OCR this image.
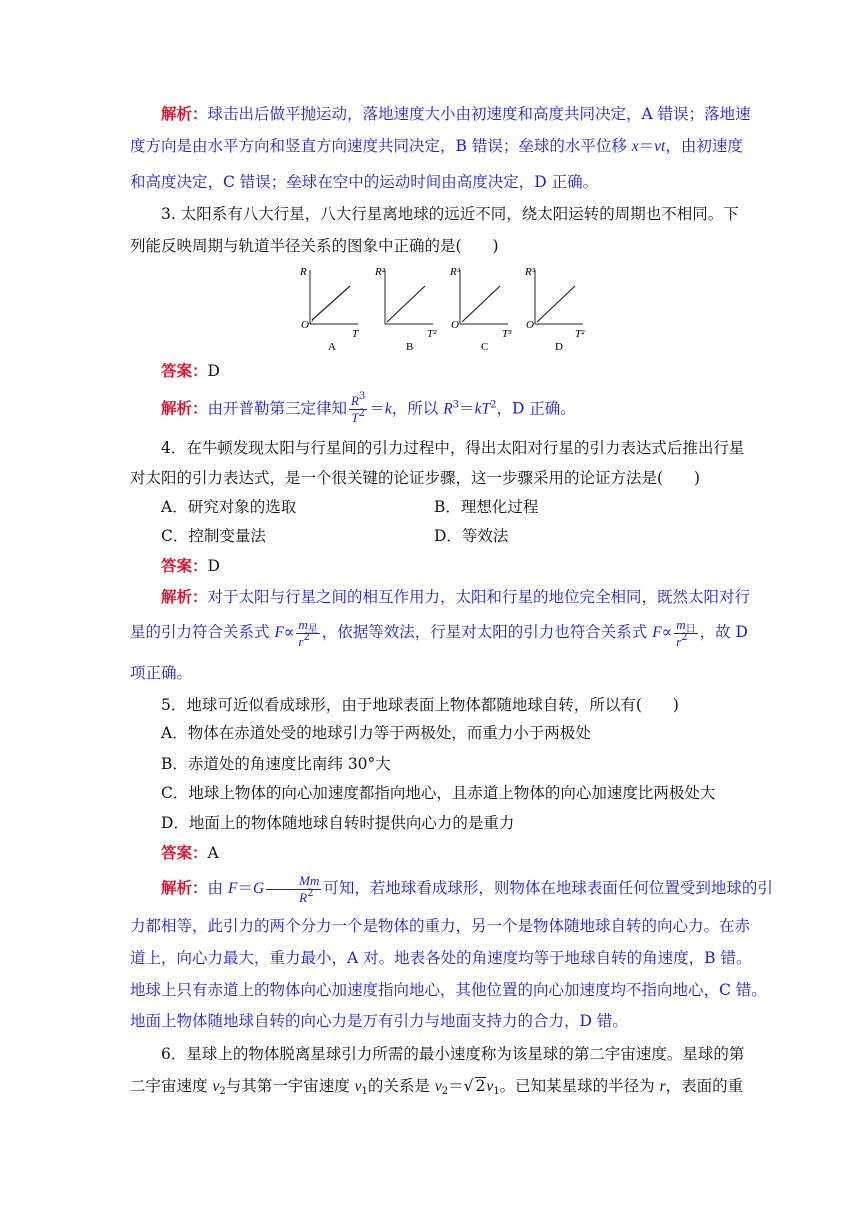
解析：球击出后做平抛运动，落地速度大小由初速度和高度共同决定，A 错误；落地速
度方向是由水平方向和竖直方向速度共同决定，B 错误；垒球的水平位移 x＝vt，由初速度
和高度决定，C 错误；垒球在空中的运动时间由高度决定，D 正确。
3. 太阳系有八大行星，八大行星离地球的远近不同，绕太阳运转的周期也不相同。下
列能反映周期与轨道半径关系的图象中正确的是(　　)
R
O
T
A
R²
T²
B
R³
O
T³
C
R³
O
T²
D
答案：D
解析：由开普勒第三定律知 $\frac{R^3}{T^2} =k$，所以 $R^3=kT^2$，D 正确。
4．在牛顿发现太阳与行星间的引力过程中，得出太阳对行星的引力表达式后推出行星
对太阳的引力表达式，是一个很关键的论证步骤，这一步骤采用的论证方法是(　　)
A．研究对象的选取	B．理想化过程
C．控制变量法	D．等效法
答案：D
解析：对于太阳与行星之间的相互作用力，太阳和行星的地位完全相同，既然太阳对行
星的引力符合关系式 $F\propto \frac{m_星}{r^2}$ ，依据等效法，行星对太阳的引力也符合关系式 $F\propto \frac{m_日}{r^2}$ ，故 D
项正确。
5．地球可近似看成球形，由于地球表面上物体都随地球自转，所以有(　　)
A．物体在赤道处受的地球引力等于两极处，而重力小于两极处
B．赤道处的角速度比南纬 30°大
C．地球上物体的向心加速度都指向地心，且赤道上物体的向心加速度比两极处大
D．地面上的物体随地球自转时提供向心力的是重力
答案：A
解析：由 $F=G \frac{Mm}{R^2}$ 可知，若地球看成球形，则物体在地球表面任何位置受到地球的引
力都相等，此引力的两个分力一个是物体的重力，另一个是物体随地球自转的向心力。在赤
道上，向心力最大，重力最小，A 对。地表各处的角速度均等于地球自转的角速度，B 错。
地球上只有赤道上的物体向心加速度指向地心，其他位置的向心加速度均不指向地心，C 错。
地面上物体随地球自转的向心力是万有引力与地面支持力的合力，D 错。
6．星球上的物体脱离星球引力所需的最小速度称为该星球的第二宇宙速度。星球的第
二宇宙速度 $v_2$与其第一宇宙速度 $v_1$的关系是 $v_2=√$ $2v_1$。已知某星球的半径为 r，表面的重
